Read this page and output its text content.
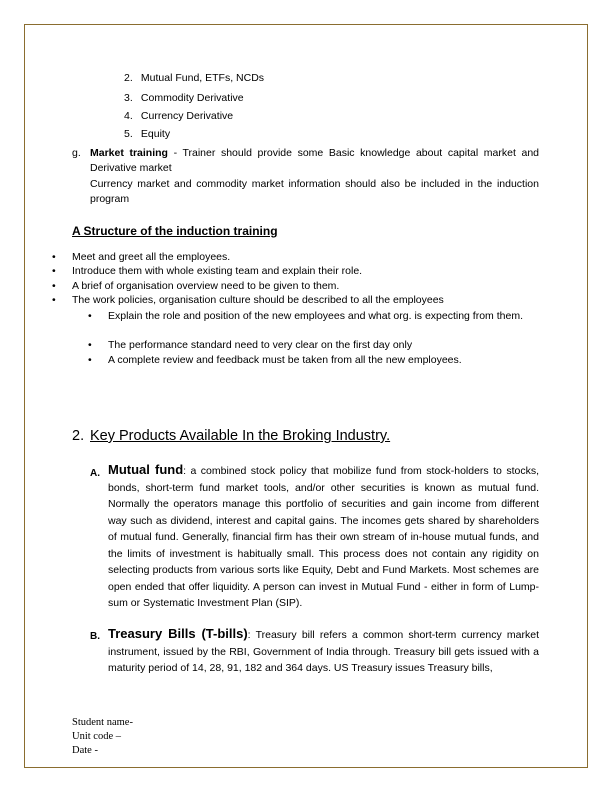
2. Mutual Fund, ETFs, NCDs
3. Commodity Derivative
4. Currency Derivative
5. Equity
g. Market training - Trainer should provide some Basic knowledge about capital market and Derivative market
Currency market and commodity market information should also be included in the induction program
A Structure of the induction training
• Meet and greet all the employees.
• Introduce them with whole existing team and explain their role.
• A brief of organisation overview need to be given to them.
• The work policies, organisation culture should be described to all the employees
• Explain the role and position of the new employees and what org. is expecting from them.
• The performance standard need to very clear on the first day only
• A complete review and feedback must be taken from all the new employees.
2. Key Products Available In the Broking Industry.
A. Mutual fund: a combined stock policy that mobilize fund from stock-holders to stocks, bonds, short-term fund market tools, and/or other securities is known as mutual fund. Normally the operators manage this portfolio of securities and gain income from different way such as dividend, interest and capital gains. The incomes gets shared by shareholders of mutual fund. Generally, financial firm has their own stream of in-house mutual funds, and the limits of investment is habitually small. This process does not contain any rigidity on selecting products from various sorts like Equity, Debt and Fund Markets. Most schemes are open ended that offer liquidity. A person can invest in Mutual Fund - either in form of Lump-sum or Systematic Investment Plan (SIP).
B. Treasury Bills (T-bills): Treasury bill refers a common short-term currency market instrument, issued by the RBI, Government of India through. Treasury bill gets issued with a maturity period of 14, 28, 91, 182 and 364 days. US Treasury issues Treasury bills,
Student name-
Unit code –
Date -
